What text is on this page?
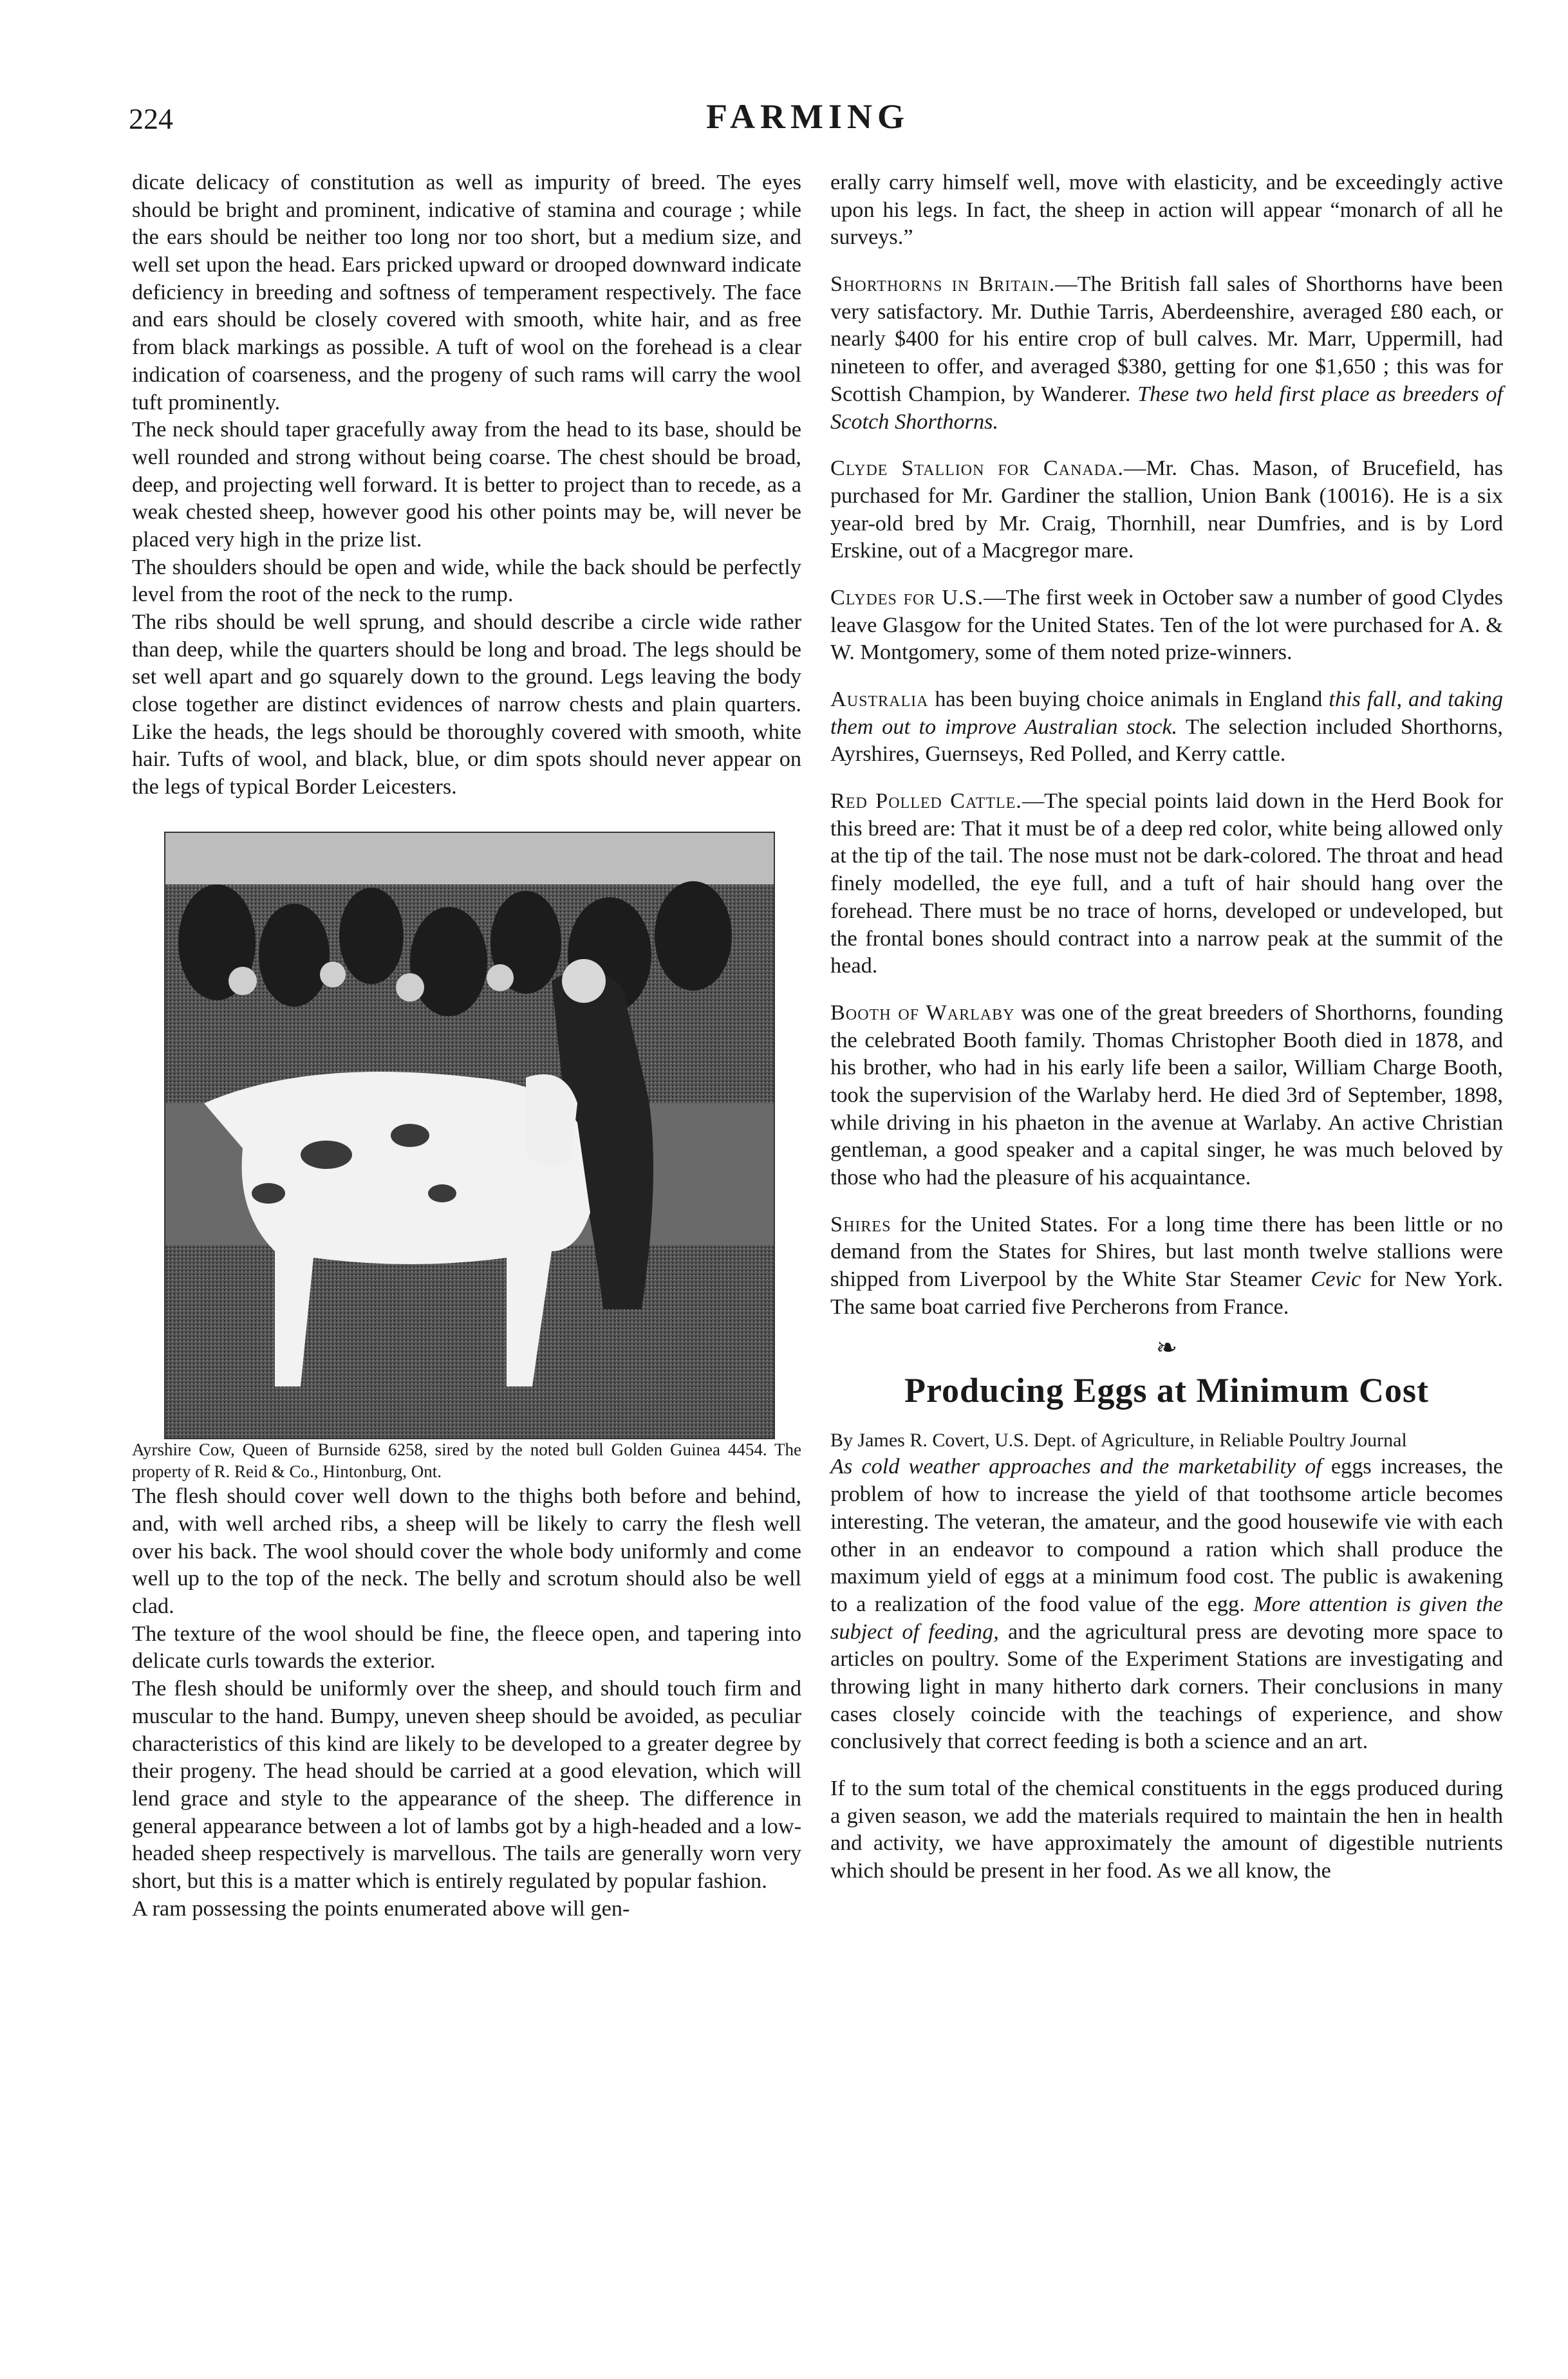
224	FARMING

dicate delicacy of constitution as well as impurity of breed. The eyes should be bright and prominent, indicative of stamina and courage ; while the ears should be neither too long nor too short, but a medium size, and well set upon the head. Ears pricked upward or drooped downward indicate deficiency in breeding and softness of temperament respectively. The face and ears should be closely covered with smooth, white hair, and as free from black markings as possible. A tuft of wool on the forehead is a clear indication of coarseness, and the progeny of such rams will carry the wool tuft prominently.

The neck should taper gracefully away from the head to its base, should be well rounded and strong without being coarse. The chest should be broad, deep, and projecting well forward. It is better to project than to recede, as a weak chested sheep, however good his other points may be, will never be placed very high in the prize list.

The shoulders should be open and wide, while the back should be perfectly level from the root of the neck to the rump.

The ribs should be well sprung, and should describe a circle wide rather than deep, while the quarters should be long and broad. The legs should be set well apart and go squarely down to the ground. Legs leaving the body close together are distinct evidences of narrow chests and plain quarters. Like the heads, the legs should be thoroughly covered with smooth, white hair. Tufts of wool, and black, blue, or dim spots should never appear on the legs of typical Border Leicesters.

Ayrshire Cow, Queen of Burnside 6258, sired by the noted bull Golden Guinea 4454. The property of R. Reid & Co., Hintonburg, Ont.

The flesh should cover well down to the thighs both before and behind, and, with well arched ribs, a sheep will be likely to carry the flesh well over his back. The wool should cover the whole body uniformly and come well up to the top of the neck. The belly and scrotum should also be well clad.

The texture of the wool should be fine, the fleece open, and tapering into delicate curls towards the exterior.

The flesh should be uniformly over the sheep, and should touch firm and muscular to the hand. Bumpy, uneven sheep should be avoided, as peculiar characteristics of this kind are likely to be developed to a greater degree by their progeny. The head should be carried at a good elevation, which will lend grace and style to the appearance of the sheep. The difference in general appearance between a lot of lambs got by a high-headed and a low-headed sheep respectively is marvellous. The tails are generally worn very short, but this is a matter which is entirely regulated by popular fashion.

A ram possessing the points enumerated above will gen-

erally carry himself well, move with elasticity, and be exceedingly active upon his legs. In fact, the sheep in action will appear “monarch of all he surveys.”

Shorthorns in Britain.—The British fall sales of Shorthorns have been very satisfactory. Mr. Duthie Tarris, Aberdeenshire, averaged £80 each, or nearly $400 for his entire crop of bull calves. Mr. Marr, Uppermill, had nineteen to offer, and averaged $380, getting for one $1,650 ; this was for Scottish Champion, by Wanderer. These two held first place as breeders of Scotch Shorthorns.

Clyde Stallion for Canada.—Mr. Chas. Mason, of Brucefield, has purchased for Mr. Gardiner the stallion, Union Bank (10016). He is a six year-old bred by Mr. Craig, Thornhill, near Dumfries, and is by Lord Erskine, out of a Macgregor mare.

Clydes for U.S.—The first week in October saw a number of good Clydes leave Glasgow for the United States. Ten of the lot were purchased for A. & W. Montgomery, some of them noted prize-winners.

Australia has been buying choice animals in England this fall, and taking them out to improve Australian stock. The selection included Shorthorns, Ayrshires, Guernseys, Red Polled, and Kerry cattle.

Red Polled Cattle.—The special points laid down in the Herd Book for this breed are: That it must be of a deep red color, white being allowed only at the tip of the tail. The nose must not be dark-colored. The throat and head finely modelled, the eye full, and a tuft of hair should hang over the forehead. There must be no trace of horns, developed or undeveloped, but the frontal bones should contract into a narrow peak at the summit of the head.

Booth of Warlaby was one of the great breeders of Shorthorns, founding the celebrated Booth family. Thomas Christopher Booth died in 1878, and his brother, who had in his early life been a sailor, William Charge Booth, took the supervision of the Warlaby herd. He died 3rd of September, 1898, while driving in his phaeton in the avenue at Warlaby. An active Christian gentleman, a good speaker and a capital singer, he was much beloved by those who had the pleasure of his acquaintance.

Shires for the United States. For a long time there has been little or no demand from the States for Shires, but last month twelve stallions were shipped from Liverpool by the White Star Steamer Cevic for New York. The same boat carried five Percherons from France.

❧
Producing Eggs at Minimum Cost

By James R. Covert, U.S. Dept. of Agriculture, in Reliable Poultry Journal

As cold weather approaches and the marketability of eggs increases, the problem of how to increase the yield of that toothsome article becomes interesting. The veteran, the amateur, and the good housewife vie with each other in an endeavor to compound a ration which shall produce the maximum yield of eggs at a minimum food cost. The public is awakening to a realization of the food value of the egg. More attention is given the subject of feeding, and the agricultural press are devoting more space to articles on poultry. Some of the Experiment Stations are investigating and throwing light in many hitherto dark corners. Their conclusions in many cases closely coincide with the teachings of experience, and show conclusively that correct feeding is both a science and an art.

If to the sum total of the chemical constituents in the eggs produced during a given season, we add the materials required to maintain the hen in health and activity, we have approximately the amount of digestible nutrients which should be present in her food. As we all know, the
